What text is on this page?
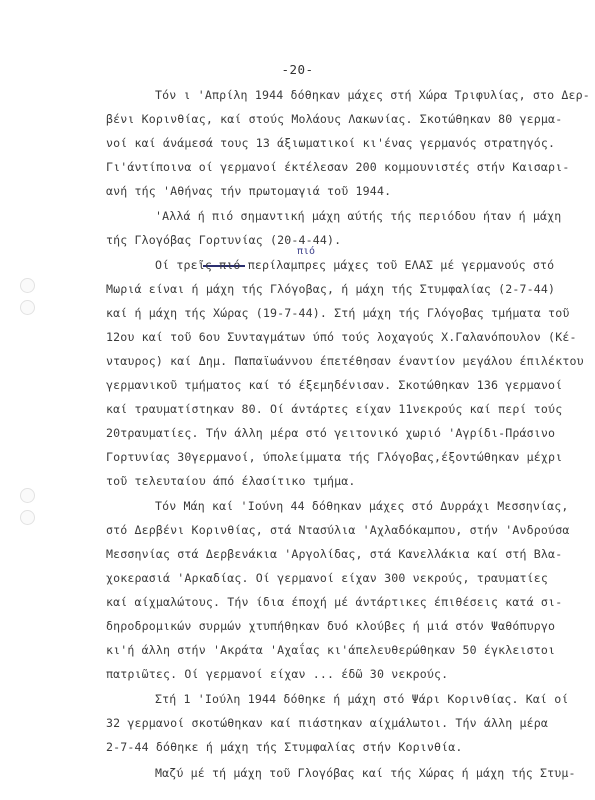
-20-
Τόν ι 'Απρίλη 1944 δόθηκαν μάχες στή Χώρα Τριφυλίας, στο Δερ-
βένι Κορινθίας, καί στούς Μολάους Λακωνίας. Σκοτώθηκαν 80 γερμα-
νοί καί άνάμεσά τους 13 άξιωματικοί κι'ένας γερμανός στρατηγός.
Γι'άντίποινα οί γερμανοί έκτέλεσαν 200 κομμουνιστές στήν Καισαρι-
ανή τής 'Αθήνας τήν πρωτομαγιά τοῦ 1944.
'Αλλά ή πιό σημαντική μάχη αύτής τής περιόδου ήταν ή μάχη
τής Γλογόβας Γορτυνίας (20-4-44).
πιό
Οί τρεῖς πιό περίλαμπρες μάχες τοῦ ΕΛΑΣ μέ γερμανούς στό
Μωριά είναι ή μάχη τής Γλόγοβας, ή μάχη τής Στυμφαλίας (2-7-44)
καί ή μάχη τής Χώρας (19-7-44). Στή μάχη τής Γλόγοβας τμήματα τοῦ
12ου καί τοῦ 6ου Συνταγμάτων ύπό τούς λοχαγούς Χ.Γαλανόπουλον (Κέ-
νταυρος) καί Δημ. Παπαϊωάννου έπετέθησαν έναντίον μεγάλου έπιλέκτου
γερμανικοῦ τμήματος καί τό έξεμηδένισαν. Σκοτώθηκαν 136 γερμανοί
καί τραυματίστηκαν 80. Οί άντάρτες είχαν 11νεκρούς καί περί τούς
20τραυματίες. Τήν άλλη μέρα στό γειτονικό χωριό 'Αγρίδι-Πράσινο
Γορτυνίας 30γερμανοί, ύπολείμματα τής Γλόγοβας,έξοντώθηκαν μέχρι
τοῦ τελευταίου άπό έλασίτικο τμήμα.
Τόν Μάη καί 'Ιούνη 44 δόθηκαν μάχες στό Δυρράχι Μεσσηνίας,
στό Δερβένι Κορινθίας, στά Ντασύλια 'Αχλαδόκαμπου, στήν 'Ανδρούσα
Μεσσηνίας στά Δερβενάκια 'Αργολίδας, στά Κανελλάκια καί στή Βλα-
χοκερασιά 'Αρκαδίας. Οί γερμανοί είχαν 300 νεκρούς, τραυματίες
καί αίχμαλώτους. Τήν ίδια έποχή μέ άντάρτικες έπιθέσεις κατά σι-
δηροδρομικών συρμών χτυπήθηκαν δυό κλούβες ή μιά στόν Ψαθόπυργο
κι'ή άλλη στήν 'Ακράτα 'Αχαΐας κι'άπελευθερώθηκαν 50 έγκλειστοι
πατριῶτες. Οί γερμανοί είχαν ... έδῶ 30 νεκρούς.
Στή 1 'Ιούλη 1944 δόθηκε ή μάχη στό Ψάρι Κορινθίας. Καί οί
32 γερμανοί σκοτώθηκαν καί πιάστηκαν αίχμάλωτοι. Τήν άλλη μέρα
2-7-44 δόθηκε ή μάχη τής Στυμφαλίας στήν Κορινθία.
Μαζύ μέ τή μάχη τοῦ Γλογόβας καί τής Χώρας ή μάχη τής Στυμ-
